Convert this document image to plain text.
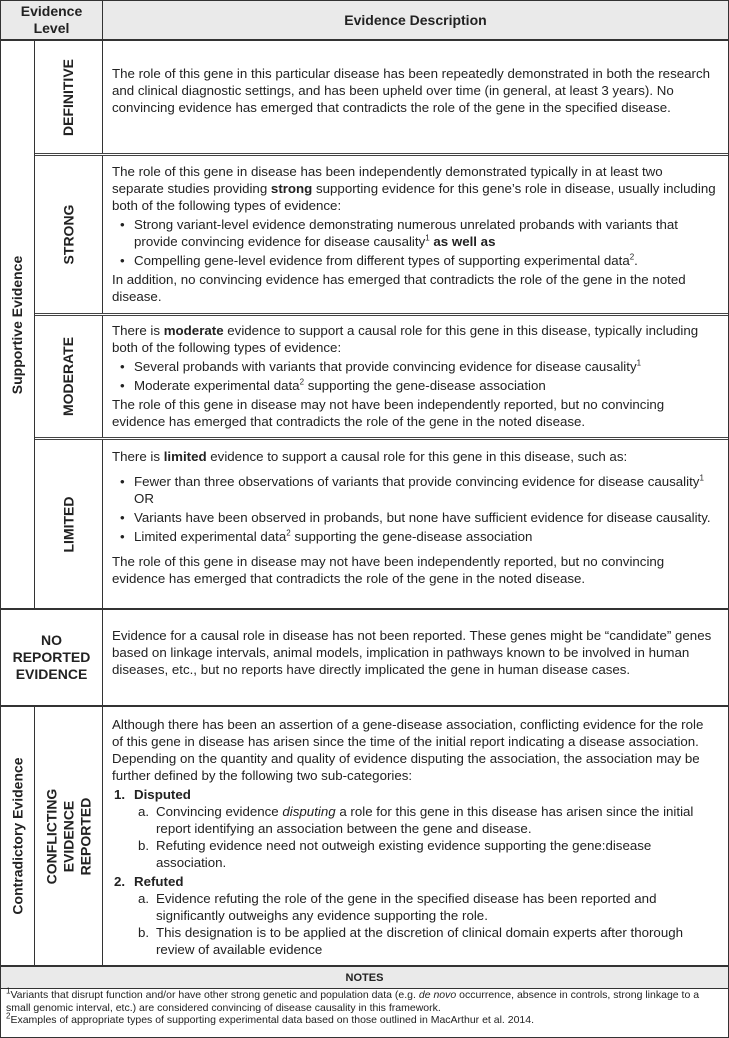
Evidence Level	Evidence Description
Supportive Evidence
DEFINITIVE	The role of this gene in this particular disease has been repeatedly demonstrated in both the research and clinical diagnostic settings, and has been upheld over time (in general, at least 3 years). No convincing evidence has emerged that contradicts the role of the gene in the specified disease.

STRONG

The role of this gene in disease has been independently demonstrated typically in at least two separate studies providing strong supporting evidence for this gene’s role in disease, usually including both of the following types of evidence:

• Strong variant-level evidence demonstrating numerous unrelated probands with variants that provide convincing evidence for disease causality$^1$ as well as
• Compelling gene-level evidence from different types of supporting experimental data$^2$.

In addition, no convincing evidence has emerged that contradicts the role of the gene in the noted disease.

MODERATE

There is moderate evidence to support a causal role for this gene in this disease, typically including both of the following types of evidence:

• Several probands with variants that provide convincing evidence for disease causality$^1$
• Moderate experimental data$^2$ supporting the gene-disease association

The role of this gene in disease may not have been independently reported, but no convincing evidence has emerged that contradicts the role of the gene in the noted disease.

LIMITED

There is limited evidence to support a causal role for this gene in this disease, such as:

• Fewer than three observations of variants that provide convincing evidence for disease causality$^1$ OR
• Variants have been observed in probands, but none have sufficient evidence for disease causality.
• Limited experimental data$^2$ supporting the gene-disease association

The role of this gene in disease may not have been independently reported, but no convincing evidence has emerged that contradicts the role of the gene in the noted disease.

NO REPORTED EVIDENCE

Evidence for a causal role in disease has not been reported. These genes might be “candidate” genes based on linkage intervals, animal models, implication in pathways known to be involved in human diseases, etc., but no reports have directly implicated the gene in human disease cases.

Contradictory Evidence CONFLICTING EVIDENCE REPORTED

Although there has been an assertion of a gene-disease association, conflicting evidence for the role of this gene in disease has arisen since the time of the initial report indicating a disease association. Depending on the quantity and quality of evidence disputing the association, the association may be further defined by the following two sub-categories:

1. Disputed
a. Convincing evidence disputing a role for this gene in this disease has arisen since the initial report identifying an association between the gene and disease.
b. Refuting evidence need not outweigh existing evidence supporting the gene:disease association.
2. Refuted
a. Evidence refuting the role of the gene in the specified disease has been reported and significantly outweighs any evidence supporting the role.
b. This designation is to be applied at the discretion of clinical domain experts after thorough review of available evidence
NOTES

$^1$Variants that disrupt function and/or have other strong genetic and population data (e.g. de novo occurrence, absence in controls, strong linkage to a small genomic interval, etc.) are considered convincing of disease causality in this framework.

$^2$Examples of appropriate types of supporting experimental data based on those outlined in MacArthur et al. 2014.
